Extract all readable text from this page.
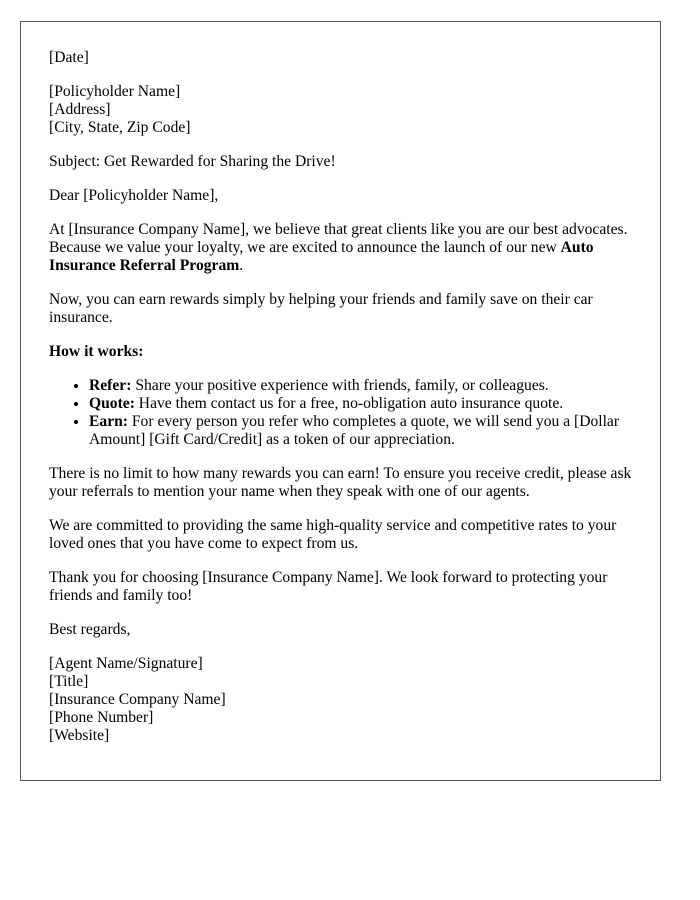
[Date]

[Policyholder Name]
[Address]
[City, State, Zip Code]

Subject: Get Rewarded for Sharing the Drive!

Dear [Policyholder Name],

At [Insurance Company Name], we believe that great clients like you are our best advocates. Because we value your loyalty, we are excited to announce the launch of our new Auto Insurance Referral Program.

Now, you can earn rewards simply by helping your friends and family save on their car insurance.

How it works:

• Refer: Share your positive experience with friends, family, or colleagues.
• Quote: Have them contact us for a free, no-obligation auto insurance quote.
• Earn: For every person you refer who completes a quote, we will send you a [Dollar Amount] [Gift Card/Credit] as a token of our appreciation.

There is no limit to how many rewards you can earn! To ensure you receive credit, please ask your referrals to mention your name when they speak with one of our agents.

We are committed to providing the same high-quality service and competitive rates to your loved ones that you have come to expect from us.

Thank you for choosing [Insurance Company Name]. We look forward to protecting your friends and family too!

Best regards,

[Agent Name/Signature]
[Title]
[Insurance Company Name]
[Phone Number]
[Website]
